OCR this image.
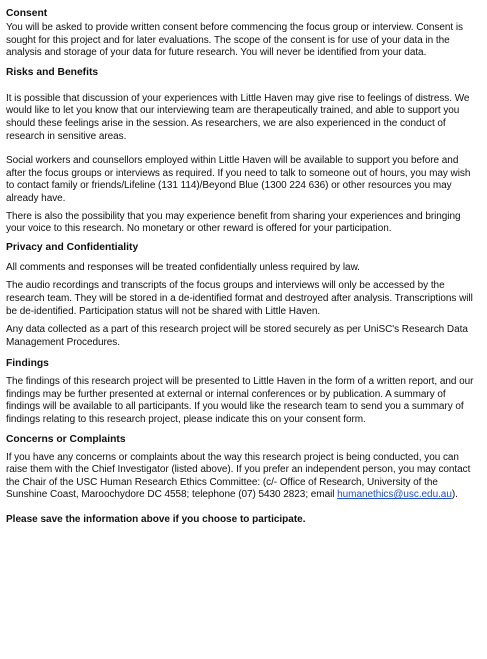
Consent

You will be asked to provide written consent before commencing the focus group or interview. Consent is sought for this project and for later evaluations. The scope of the consent is for use of your data in the analysis and storage of your data for future research. You will never be identified from your data.

Risks and Benefits

It is possible that discussion of your experiences with Little Haven may give rise to feelings of distress. We would like to let you know that our interviewing team are therapeutically trained, and able to support you should these feelings arise in the session. As researchers, we are also experienced in the conduct of research in sensitive areas.

Social workers and counsellors employed within Little Haven will be available to support you before and after the focus groups or interviews as required. If you need to talk to someone out of hours, you may wish to contact family or friends/Lifeline (131 114)/Beyond Blue (1300 224 636) or other resources you may already have.

There is also the possibility that you may experience benefit from sharing your experiences and bringing your voice to this research. No monetary or other reward is offered for your participation.

Privacy and Confidentiality

All comments and responses will be treated confidentially unless required by law.

The audio recordings and transcripts of the focus groups and interviews will only be accessed by the research team. They will be stored in a de-identified format and destroyed after analysis. Transcriptions will be de-identified. Participation status will not be shared with Little Haven.

Any data collected as a part of this research project will be stored securely as per UniSC's Research Data Management Procedures.

Findings

The findings of this research project will be presented to Little Haven in the form of a written report, and our findings may be further presented at external or internal conferences or by publication. A summary of findings will be available to all participants. If you would like the research team to send you a summary of findings relating to this research project, please indicate this on your consent form.

Concerns or Complaints

If you have any concerns or complaints about the way this research project is being conducted, you can raise them with the Chief Investigator (listed above). If you prefer an independent person, you may contact the Chair of the USC Human Research Ethics Committee: (c/- Office of Research, University of the Sunshine Coast, Maroochydore DC 4558; telephone (07) 5430 2823; email humanethics@usc.edu.au).

Please save the information above if you choose to participate.
